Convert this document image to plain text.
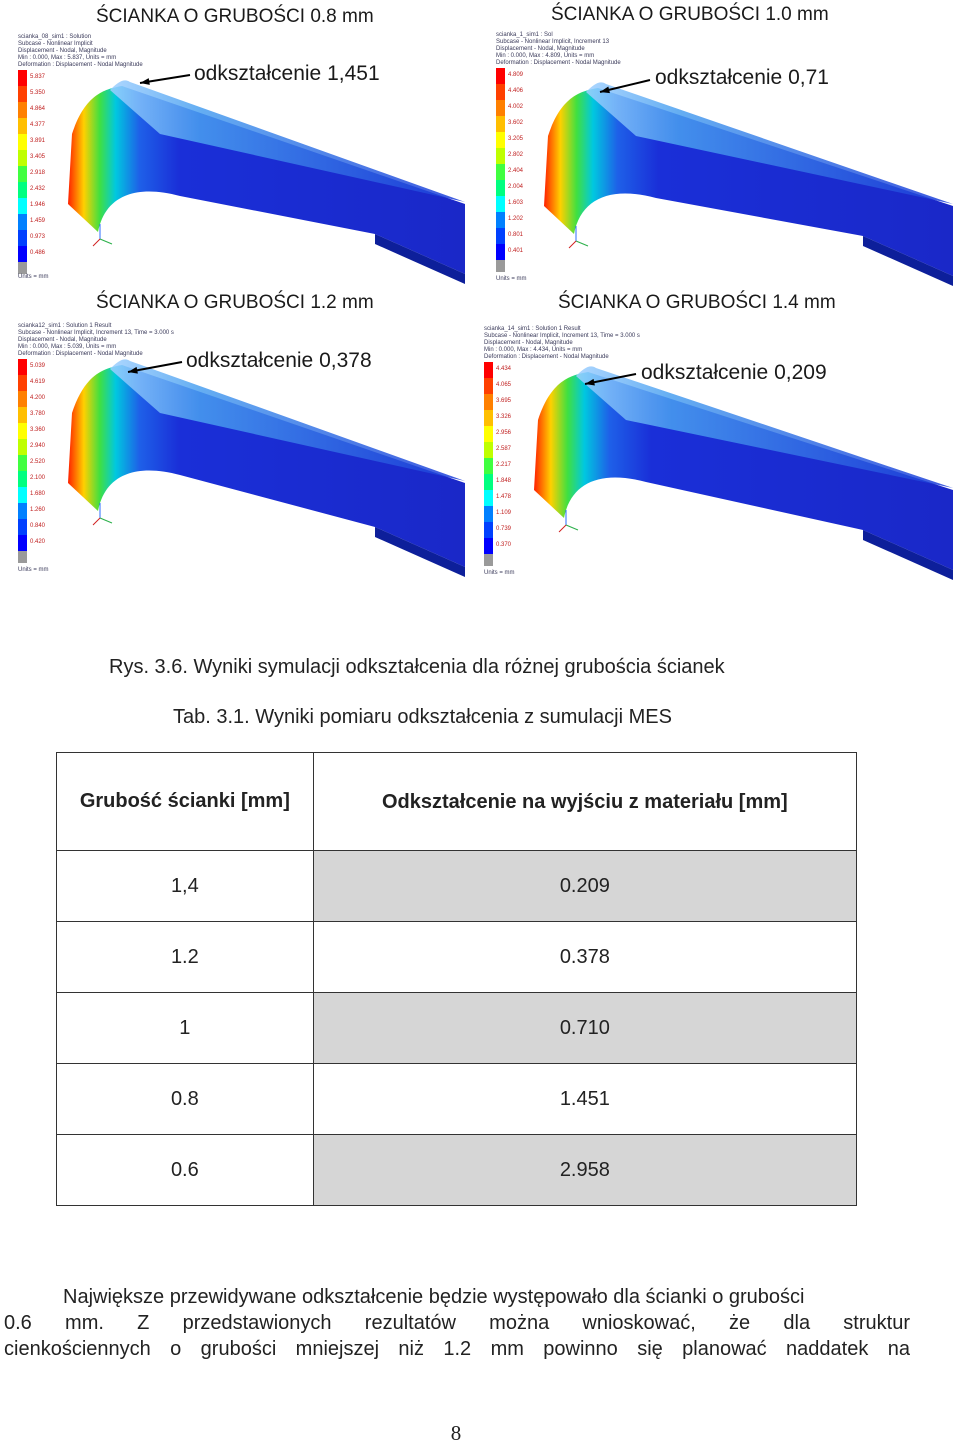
scianka_08_sim1 : Solution
Subcase - Nonlinear Implicit
Displacement - Nodal, Magnitude
Min : 0.000, Max : 5.837, Units = mm
Deformation : Displacement - Nodal Magnitude
5.837
5.350
4.864
4.377
3.891
3.405
2.918
2.432
1.946
1.459
0.973
0.486
Units = mm
scianka_1_sim1 : Sol
Subcase - Nonlinear Implicit, Increment 13
Displacement - Nodal, Magnitude
Min : 0.000, Max : 4.809, Units = mm
Deformation : Displacement - Nodal Magnitude
4.809
4.406
4.002
3.602
3.205
2.802
2.404
2.004
1.603
1.202
0.801
0.401
Units = mm
scianka12_sim1 : Solution 1 Result
Subcase - Nonlinear Implicit, Increment 13, Time = 3.000 s
Displacement - Nodal, Magnitude
Min : 0.000, Max : 5.039, Units = mm
Deformation : Displacement - Nodal Magnitude
5.039
4.619
4.200
3.780
3.360
2.940
2.520
2.100
1.680
1.260
0.840
0.420
Units = mm
scianka_14_sim1 : Solution 1 Result
Subcase - Nonlinear Implicit, Increment 13, Time = 3.000 s
Displacement - Nodal, Magnitude
Min : 0.000, Max : 4.434, Units = mm
Deformation : Displacement - Nodal Magnitude
4.434
4.065
3.695
3.326
2.956
2.587
2.217
1.848
1.478
1.109
0.739
0.370
Units = mm
ŚCIANKA O GRUBOŚCI 0.8 mm	ŚCIANKA O GRUBOŚCI 1.0 mm
ŚCIANKA O GRUBOŚCI 1.2 mm	ŚCIANKA O GRUBOŚCI 1.4 mm
odkształcenie 1,451	odkształcenie 0,71
odkształcenie 0,378
odkształcenie 0,209
Rys. 3.6. Wyniki symulacji odkształcenia dla różnej grubościa ścianek
Tab. 3.1. Wyniki pomiaru odkształcenia z sumulacji MES
Grubość ścianki [mm]	Odkształcenie na wyjściu z materiału [mm]
1,4	0.209
1.2	0.378
1	0.710
0.8	1.451
0.6	2.958
Największe przewidywane odkształcenie będzie występowało dla ścianki o grubości
0.6 mm. Z przedstawionych rezultatów można wnioskować, że dla struktur
cienkościennych o grubości mniejszej niż 1.2 mm powinno się planować naddatek na
8
